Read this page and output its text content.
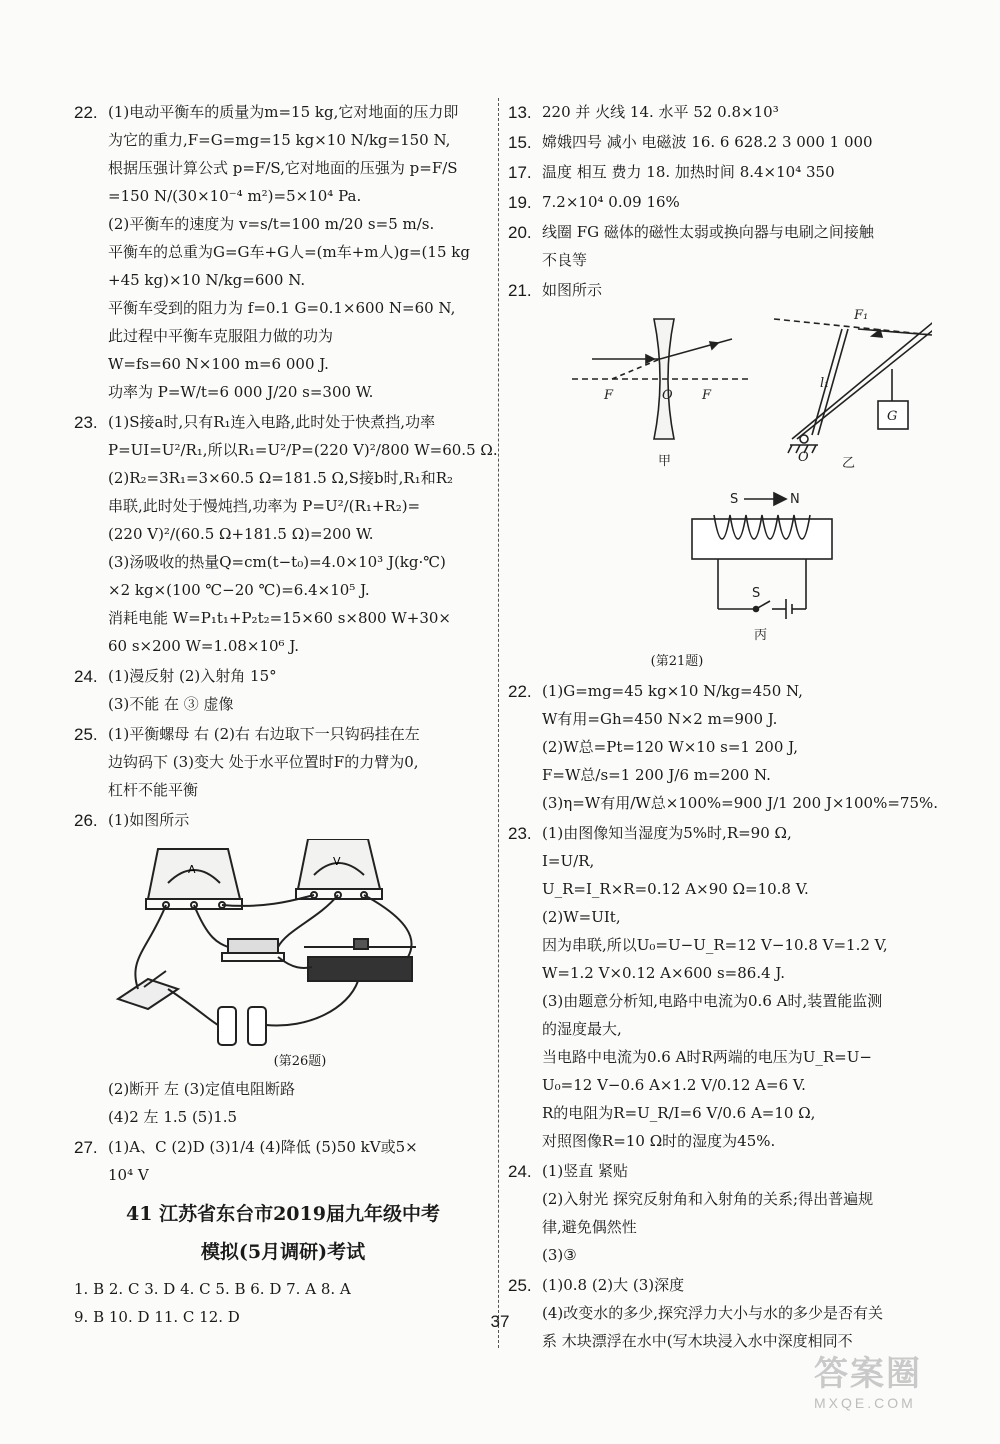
22. (1)电动平衡车的质量为m=15 kg,它对地面的压力即
为它的重力,F=G=mg=15 kg×10 N/kg=150 N,
根据压强计算公式 p=F/S,它对地面的压强为 p=F/S
=150 N/(30×10⁻⁴ m²)=5×10⁴ Pa.
(2)平衡车的速度为 v=s/t=100 m/20 s=5 m/s.
平衡车的总重为G=G车+G人=(m车+m人)g=(15 kg
+45 kg)×10 N/kg=600 N.
平衡车受到的阻力为 f=0.1 G=0.1×600 N=60 N,
此过程中平衡车克服阻力做的功为
W=fs=60 N×100 m=6 000 J.
功率为 P=W/t=6 000 J/20 s=300 W.
23. (1)S接a时,只有R₁连入电路,此时处于快煮挡,功率
P=UI=U²/R₁,所以R₁=U²/P=(220 V)²/800 W=60.5 Ω.
(2)R₂=3R₁=3×60.5 Ω=181.5 Ω,S接b时,R₁和R₂
串联,此时处于慢炖挡,功率为 P=U²/(R₁+R₂)=
(220 V)²/(60.5 Ω+181.5 Ω)=200 W.
(3)汤吸收的热量Q=cm(t−t₀)=4.0×10³ J(kg·℃)
×2 kg×(100 ℃−20 ℃)=6.4×10⁵ J.
消耗电能 W=P₁t₁+P₂t₂=15×60 s×800 W+30×
60 s×200 W=1.08×10⁶ J.
24. (1)漫反射 (2)入射角 15°
(3)不能 在 ③ 虚像
25. (1)平衡螺母 右 (2)右 右边取下一只钩码挂在左
边钩码下 (3)变大 处于水平位置时F的力臂为0,
杠杆不能平衡
26. (1)如图所示
A
V
(第26题)
(2)断开 左 (3)定值电阻断路
(4)2 左 1.5 (5)1.5
27. (1)A、C (2)D (3)1/4 (4)降低 (5)50 kV或5×
10⁴ V
41 江苏省东台市2019届九年级中考
模拟(5月调研)考试
1. B 2. C 3. D 4. C 5. B 6. D 7. A 8. A
9. B 10. D 11. C 12. D
13. 220 并 火线 14. 水平 52 0.8×10³
15. 嫦娥四号 减小 电磁波 16. 6 628.2 3 000 1 000
17. 温度 相互 费力 18. 加热时间 8.4×10⁴ 350
19. 7.2×10⁴ 0.09 16%
20. 线圈 FG 磁体的磁性太弱或换向器与电刷之间接触
不良等
21. 如图所示
F	O F
甲
F₁
l₁
G
O	乙
S	N
S
丙
(第21题)
22. (1)G=mg=45 kg×10 N/kg=450 N,
W有用=Gh=450 N×2 m=900 J.
(2)W总=Pt=120 W×10 s=1 200 J,
F=W总/s=1 200 J/6 m=200 N.
(3)η=W有用/W总×100%=900 J/1 200 J×100%=75%.
23. (1)由图像知当湿度为5%时,R=90 Ω,
I=U/R,
U_R=I_R×R=0.12 A×90 Ω=10.8 V.
(2)W=UIt,
因为串联,所以U₀=U−U_R=12 V−10.8 V=1.2 V,
W=1.2 V×0.12 A×600 s=86.4 J.
(3)由题意分析知,电路中电流为0.6 A时,装置能监测
的湿度最大,
当电路中电流为0.6 A时R两端的电压为U_R=U−
U₀=12 V−0.6 A×1.2 V/0.12 A=6 V.
R的电阻为R=U_R/I=6 V/0.6 A=10 Ω,
对照图像R=10 Ω时的湿度为45%.
24. (1)竖直 紧贴
(2)入射光 探究反射角和入射角的关系;得出普遍规
律,避免偶然性
(3)③
25. (1)0.8 (2)大 (3)深度
(4)改变水的多少,探究浮力大小与水的多少是否有关
系 木块漂浮在水中(写木块浸入水中深度相同不
37
答案圈
MXQE.COM
